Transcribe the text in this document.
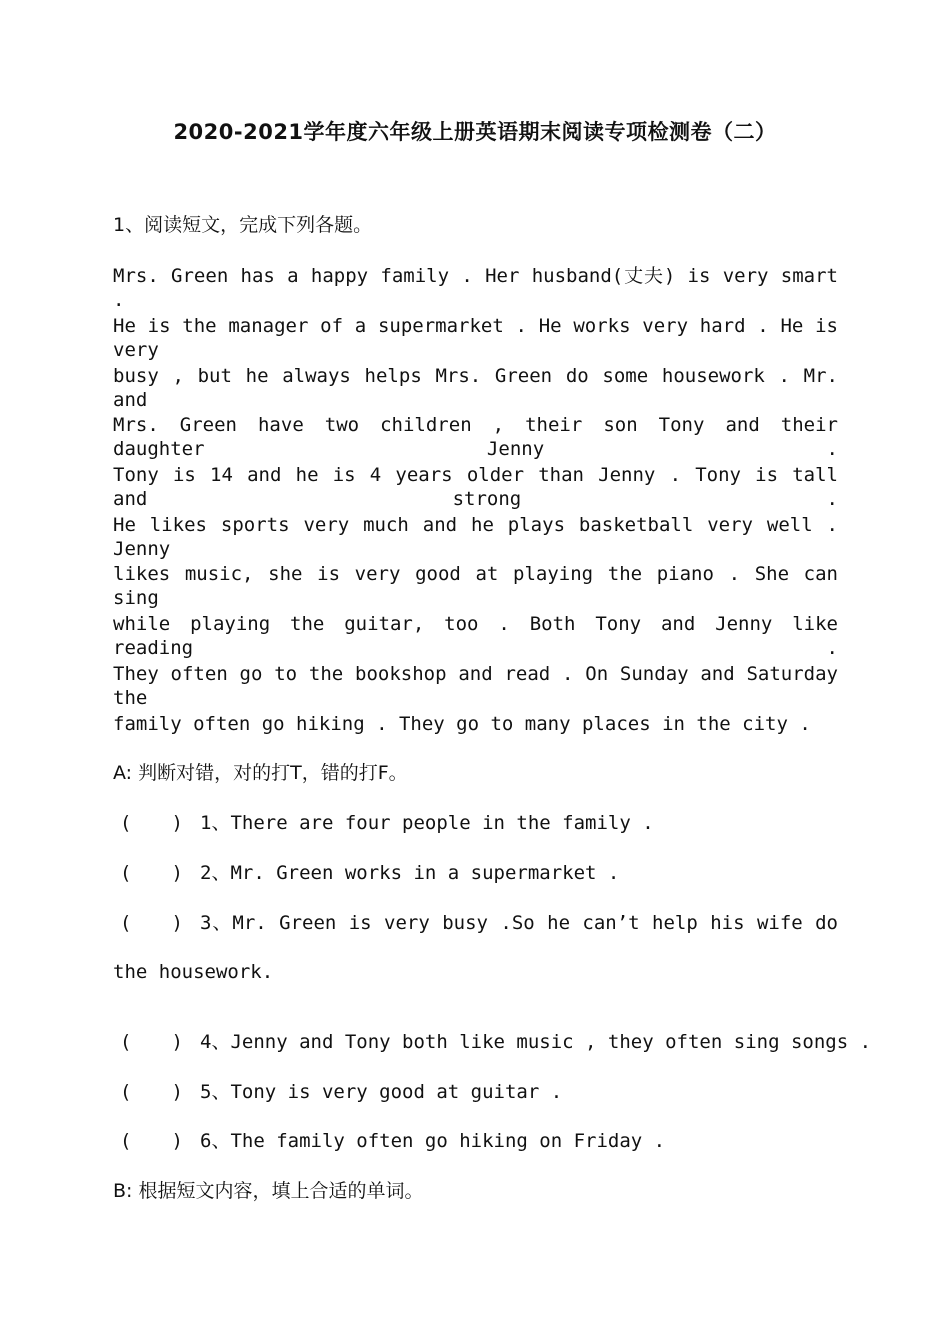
2020-2021学年度六年级上册英语期末阅读专项检测卷（二）
1、阅读短文，完成下列各题。
Mrs. Green has a happy family . Her husband(丈夫) is very smart .
He is the manager of a supermarket . He works very hard . He is very
busy , but he always helps Mrs. Green do some housework . Mr. and
Mrs. Green have two children , their son Tony and their daughter Jenny .
Tony is 14 and he is 4 years older than Jenny . Tony is tall and strong .
He likes sports very much and he plays basketball very well . Jenny
likes music, she is very good at playing the piano . She can sing
while playing the guitar, too . Both Tony and Jenny like reading .
They often go to the bookshop and read . On Sunday and Saturday the
family often go hiking . They go to many places in the city .
A: 判断对错，对的打T，错的打F。
( ) 1、There are four people in the family .
( ) 2、Mr. Green works in a supermarket .
( ) 3、Mr. Green is very busy .So he can’t help his wife do
the housework.
( ) 4、Jenny and Tony both like music , they often sing songs .
( ) 5、Tony is very good at guitar .
( ) 6、The family often go hiking on Friday .
B: 根据短文内容，填上合适的单词。
